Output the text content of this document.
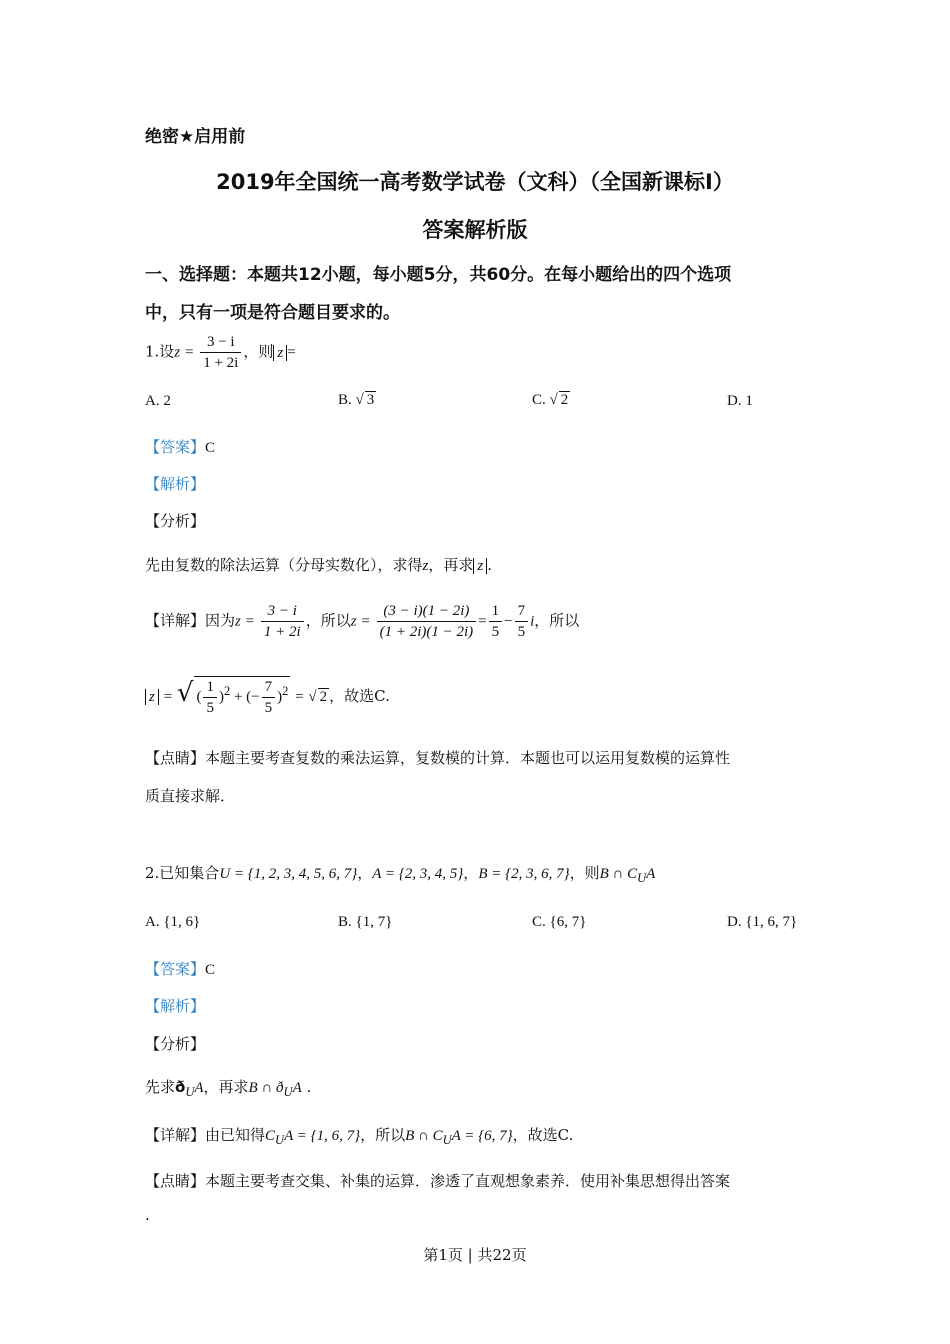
绝密★启用前
2019年全国统一高考数学试卷（文科）（全国新课标Ⅰ）
答案解析版
一、选择题：本题共12小题，每小题5分，共60分。在每小题给出的四个选项
中，只有一项是符合题目要求的。
1.设$z = \frac{3 - i}{1 + 2i}$ ，则 z =
A. 2	B. √ 3	C. √ 2	D. 1
【答案】C
【解析】
【分析】
先由复数的除法运算（分母实数化），求得z，再求 z .
【详解】因为$z = \frac{3 - i}{1 + 2i}$ ，所以$z = \frac{(3 - i)(1 - 2i)}{(1 + 2i)(1 - 2i)} = \frac{1}{5} - \frac{7}{5}$ i，所以
z = √ ( $\frac{1}{5} )^2$ + (− $\frac{7}{5} )^2$ = √ 2 ，故选C.
【点睛】本题主要考查复数的乘法运算，复数模的计算．本题也可以运用复数模的运算性
质直接求解．
2.已知集合U = {1, 2, 3, 4, 5, 6, 7}，A = {2, 3, 4, 5}，B = {2, 3, 6, 7}，则B ∩ $C_UA$
A. {1, 6}	B. {1, 7}	C. {6, 7}	D. {1, 6, 7}
【答案】C
【解析】
【分析】
先求$ð_UA$，再求B ∩ $ð_UA$ .
【详解】由已知得$C_UA = \{1$, 6, 7}，所以B ∩ $C_UA = \{6$, 7}，故选C.
【点睛】本题主要考查交集、补集的运算．渗透了直观想象素养．使用补集思想得出答案
.
第1页 | 共22页
